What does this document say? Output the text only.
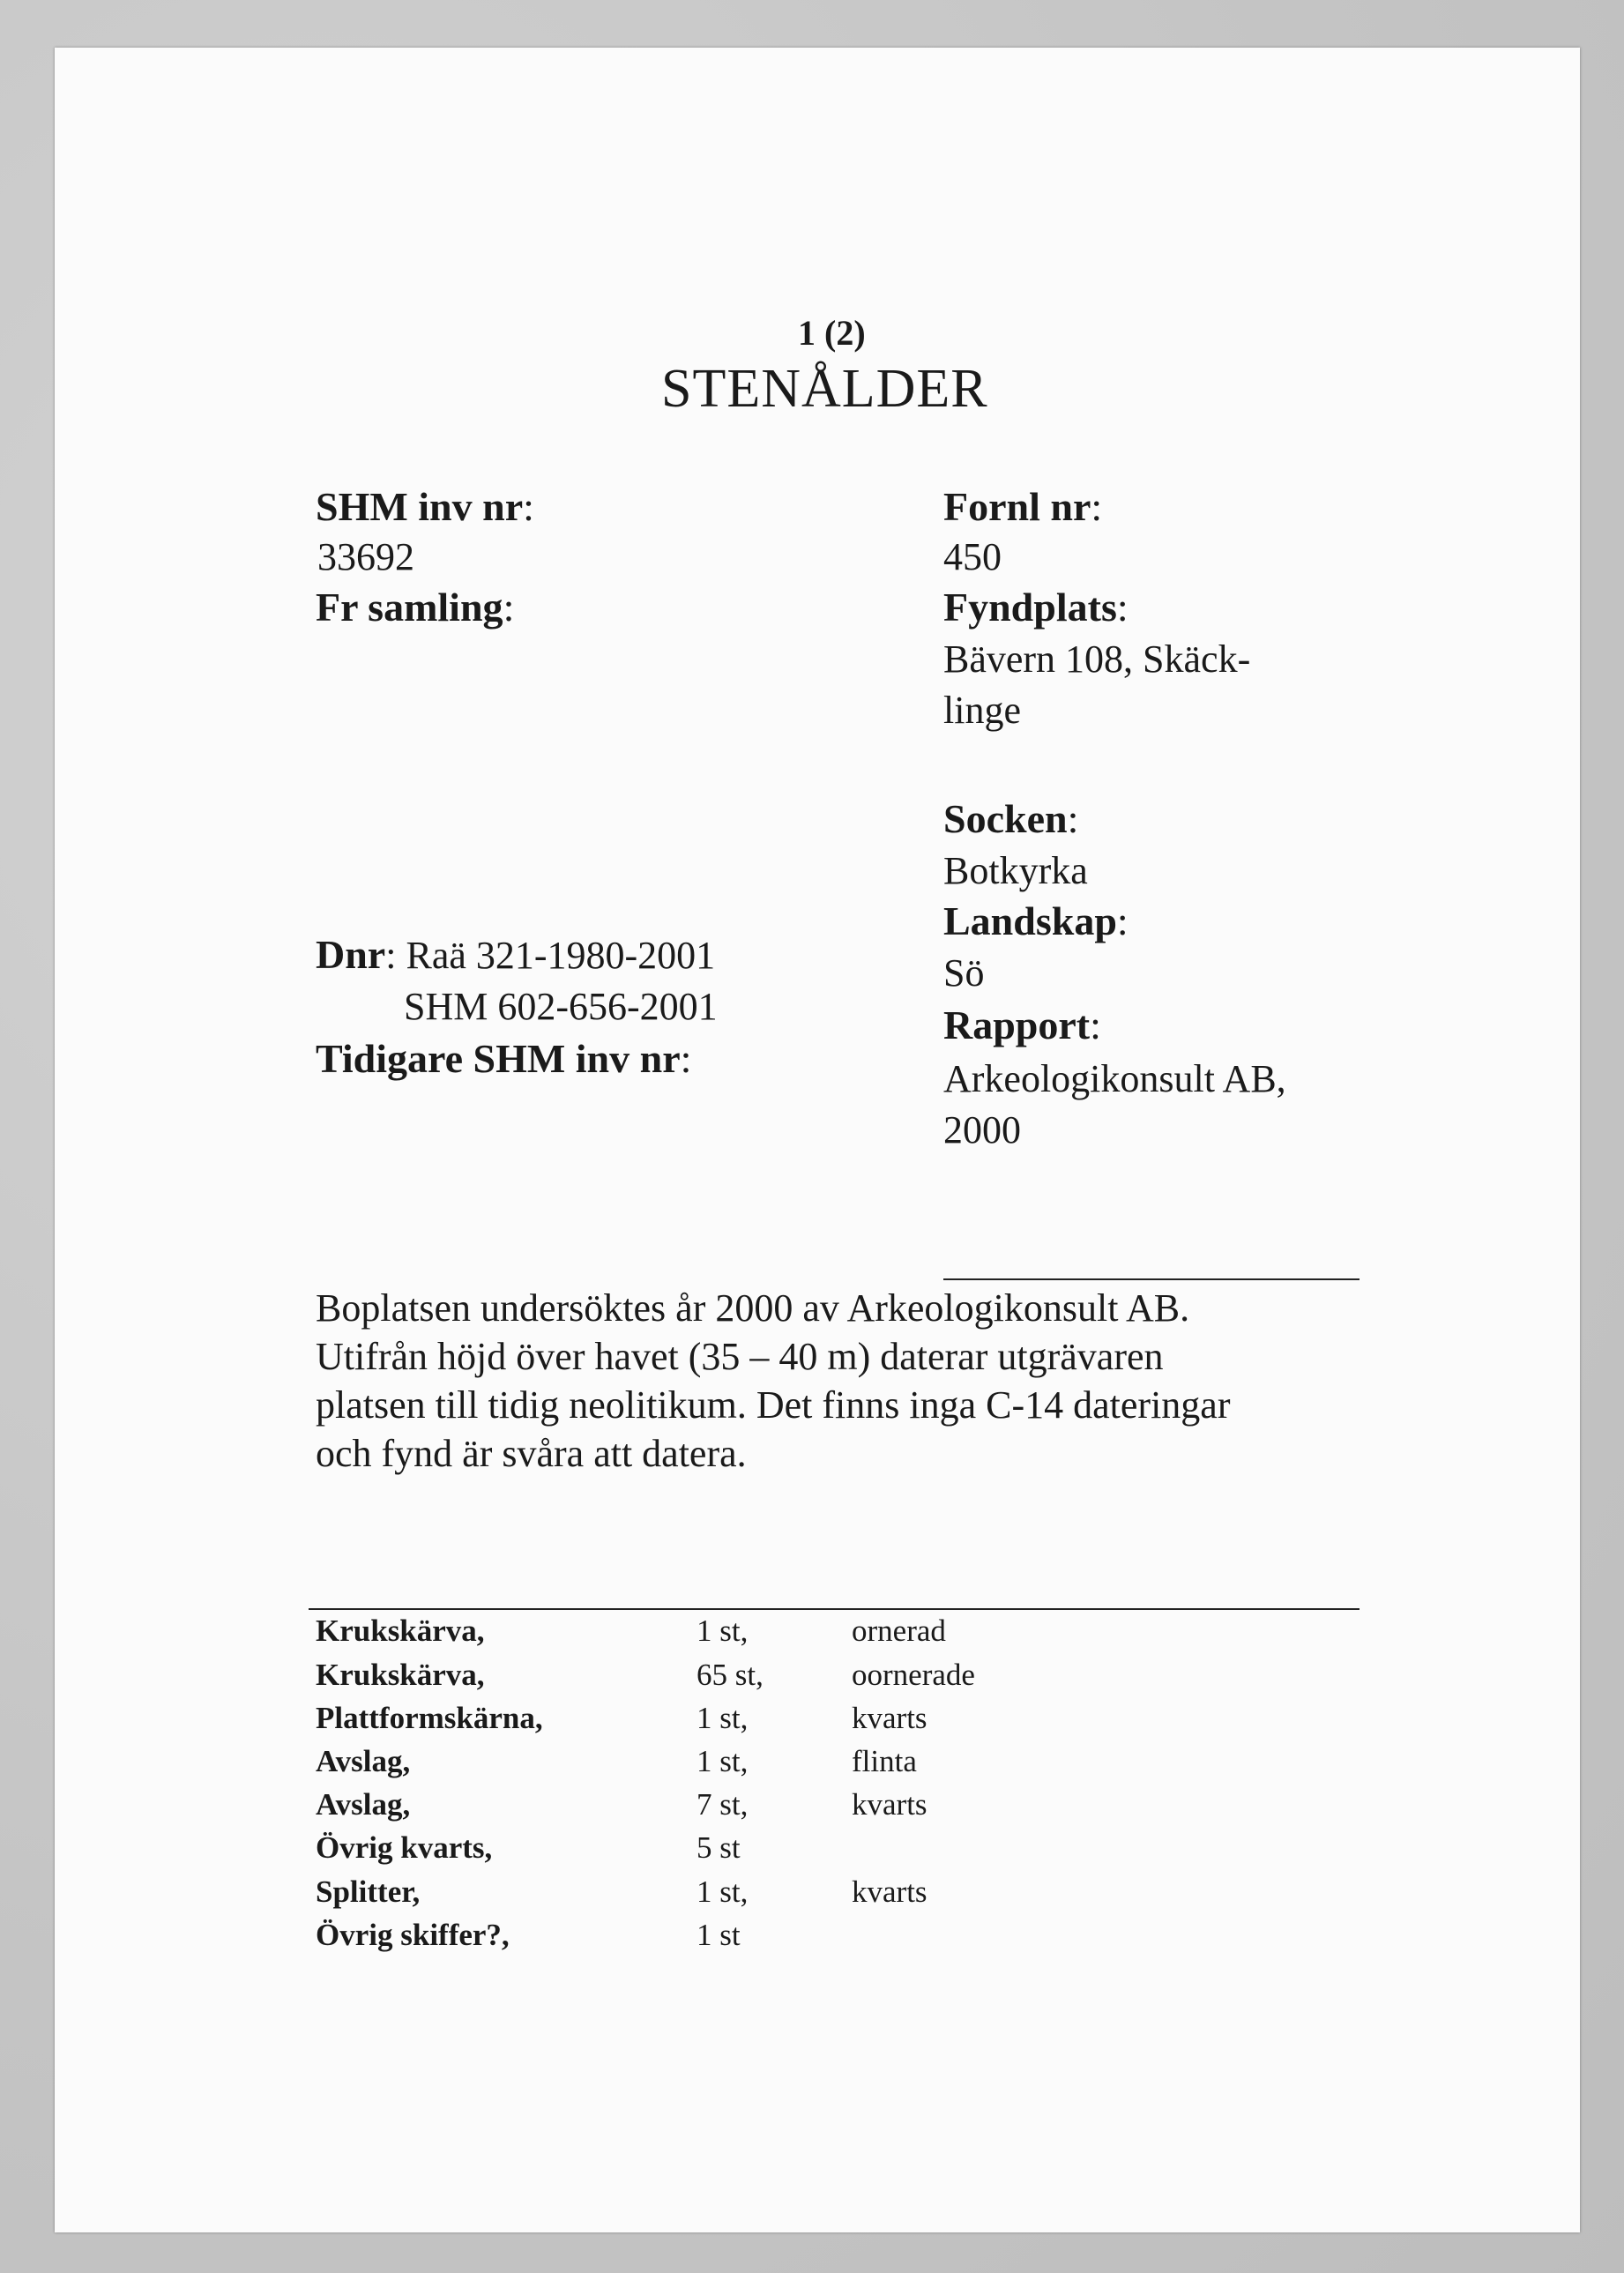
1 (2)
STENÅLDER
SHM inv nr:
33692
Fr samling:
Dnr: Raä 321-1980-2001
SHM 602-656-2001
Tidigare SHM inv nr:
Fornl nr:
450
Fyndplats:
Bävern 108, Skäck-
linge
Socken:
Botkyrka
Landskap:
Sö
Rapport:
Arkeologikonsult AB,
2000
Boplatsen undersöktes år 2000 av Arkeologikonsult AB.
Utifrån höjd över havet (35 – 40 m) daterar utgrävaren
platsen till tidig neolitikum. Det finns inga C-14 dateringar
och fynd är svåra att datera.
Krukskärva,	1 st,	ornerad
Krukskärva,	65 st,	oornerade
Plattformskärna,	1 st,	kvarts
Avslag,	1 st,	flinta
Avslag,	7 st,	kvarts
Övrig kvarts,	5 st
Splitter,	1 st,	kvarts
Övrig skiffer?,	1 st
